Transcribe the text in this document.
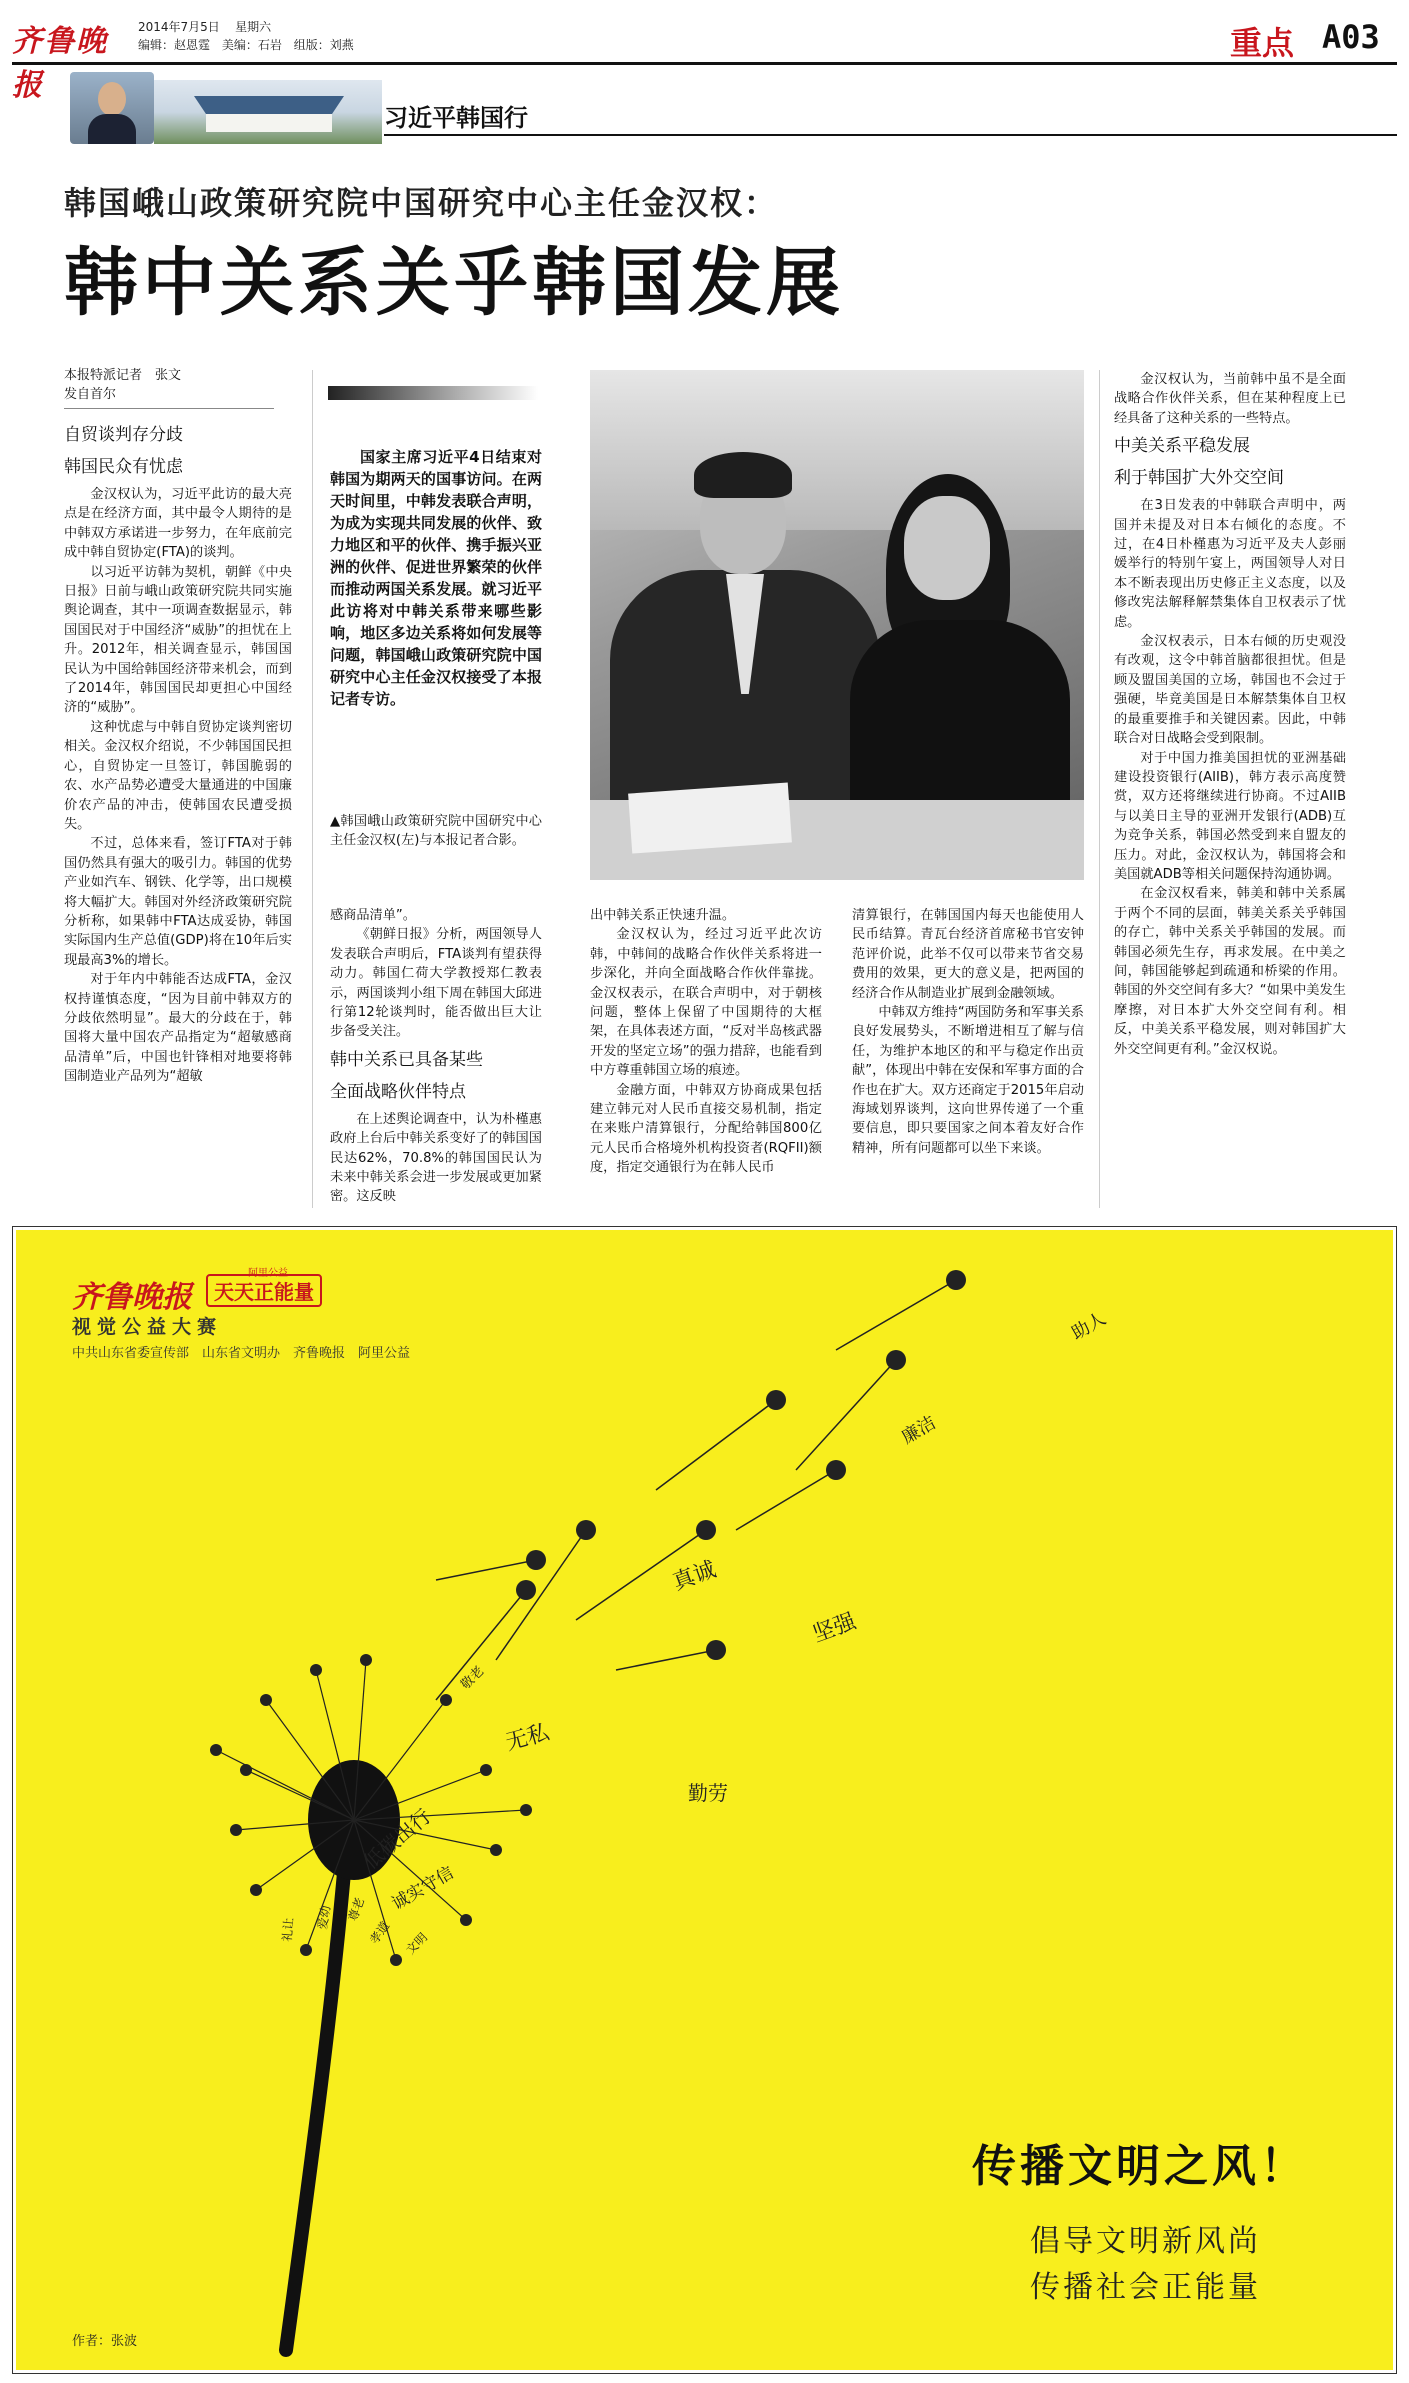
齐鲁晚报
2014年7月5日 星期六
编辑：赵恩霆 美编：石岩 组版：刘燕	重点 A03
习近平韩国行
韩国峨山政策研究院中国研究中心主任金汉权：
韩中关系关乎韩国发展
本报特派记者　张文
发自首尔
自贸谈判存分歧
韩国民众有忧虑

金汉权认为，习近平此访的最大亮点是在经济方面，其中最令人期待的是中韩双方承诺进一步努力，在年底前完成中韩自贸协定(FTA)的谈判。

以习近平访韩为契机，朝鲜《中央日报》日前与峨山政策研究院共同实施舆论调查，其中一项调查数据显示，韩国国民对于中国经济“威胁”的担忧在上升。2012年，相关调查显示，韩国国民认为中国给韩国经济带来机会，而到了2014年，韩国国民却更担心中国经济的“威胁”。

这种忧虑与中韩自贸协定谈判密切相关。金汉权介绍说，不少韩国国民担心，自贸协定一旦签订，韩国脆弱的农、水产品势必遭受大量通进的中国廉价农产品的冲击，使韩国农民遭受损失。

不过，总体来看，签订FTA对于韩国仍然具有强大的吸引力。韩国的优势产业如汽车、钢铁、化学等，出口规模将大幅扩大。韩国对外经济政策研究院分析称，如果韩中FTA达成妥协，韩国实际国内生产总值(GDP)将在10年后实现最高3%的增长。

对于年内中韩能否达成FTA，金汉权持谨慎态度，“因为目前中韩双方的分歧依然明显”。最大的分歧在于，韩国将大量中国农产品指定为“超敏感商品清单”后，中国也针锋相对地要将韩国制造业产品列为“超敏

国家主席习近平4日结束对韩国为期两天的国事访问。在两天时间里，中韩发表联合声明，为成为实现共同发展的伙伴、致力地区和平的伙伴、携手振兴亚洲的伙伴、促进世界繁荣的伙伴而推动两国关系发展。就习近平此访将对中韩关系带来哪些影响，地区多边关系将如何发展等问题，韩国峨山政策研究院中国研究中心主任金汉权接受了本报记者专访。

▲韩国峨山政策研究院中国研究中心主任金汉权(左)与本报记者合影。

感商品清单”。

《朝鲜日报》分析，两国领导人发表联合声明后，FTA谈判有望获得动力。韩国仁荷大学教授郑仁教表示，两国谈判小组下周在韩国大邱进行第12轮谈判时，能否做出巨大让步备受关注。

韩中关系已具备某些
全面战略伙伴特点

在上述舆论调查中，认为朴槿惠政府上台后中韩关系变好了的韩国国民达62%，70.8%的韩国国民认为未来中韩关系会进一步发展或更加紧密。这反映

出中韩关系正快速升温。

金汉权认为，经过习近平此次访韩，中韩间的战略合作伙伴关系将进一步深化，并向全面战略合作伙伴靠拢。金汉权表示，在联合声明中，对于朝核问题，整体上保留了中国期待的大框架，在具体表述方面，“反对半岛核武器开发的坚定立场”的强力措辞，也能看到中方尊重韩国立场的痕迹。

金融方面，中韩双方协商成果包括建立韩元对人民币直接交易机制，指定在来账户清算银行，分配给韩国800亿元人民币合格境外机构投资者(RQFII)额度，指定交通银行为在韩人民币

清算银行，在韩国国内每天也能使用人民币结算。青瓦台经济首席秘书官安钟范评价说，此举不仅可以带来节省交易费用的效果，更大的意义是，把两国的经济合作从制造业扩展到金融领域。

中韩双方维持“两国防务和军事关系良好发展势头，不断增进相互了解与信任，为维护本地区的和平与稳定作出贡献”，体现出中韩在安保和军事方面的合作也在扩大。双方还商定于2015年启动海域划界谈判，这向世界传递了一个重要信息，即只要国家之间本着友好合作精神，所有问题都可以坐下来谈。

金汉权认为，当前韩中虽不是全面战略合作伙伴关系，但在某种程度上已经具备了这种关系的一些特点。

中美关系平稳发展
利于韩国扩大外交空间

在3日发表的中韩联合声明中，两国并未提及对日本右倾化的态度。不过，在4日朴槿惠为习近平及夫人彭丽媛举行的特别午宴上，两国领导人对日本不断表现出历史修正主义态度，以及修改宪法解释解禁集体自卫权表示了忧虑。

金汉权表示，日本右倾的历史观没有改观，这令中韩首脑都很担忧。但是顾及盟国美国的立场，韩国也不会过于强硬，毕竟美国是日本解禁集体自卫权的最重要推手和关键因素。因此，中韩联合对日战略会受到限制。

对于中国力推美国担忧的亚洲基础建设投资银行(AIIB)，韩方表示高度赞赏，双方还将继续进行协商。不过AIIB与以美日主导的亚洲开发银行(ADB)互为竞争关系，韩国必然受到来自盟友的压力。对此，金汉权认为，韩国将会和美国就ADB等相关问题保持沟通协调。

在金汉权看来，韩美和韩中关系属于两个不同的层面，韩美关系关乎韩国的存亡，韩中关系关乎韩国的发展。而韩国必须先生存，再求发展。在中美之间，韩国能够起到疏通和桥梁的作用。韩国的外交空间有多大？“如果中美发生摩擦，对日本扩大外交空间有利。相反，中美关系平稳发展，则对韩国扩大外交空间更有利。”金汉权说。

助人
廉洁
真诚
坚强
敬老
无私
勤劳
低碳出行
诚实守信
尊老
爱幼
孝道
礼让
文明
齐鲁晚报
阿里公益
天天正能量
视觉公益大赛
中共山东省委宣传部　山东省文明办　齐鲁晚报　阿里公益
传播文明之风！
倡导文明新风尚
传播社会正能量
作者：张波
